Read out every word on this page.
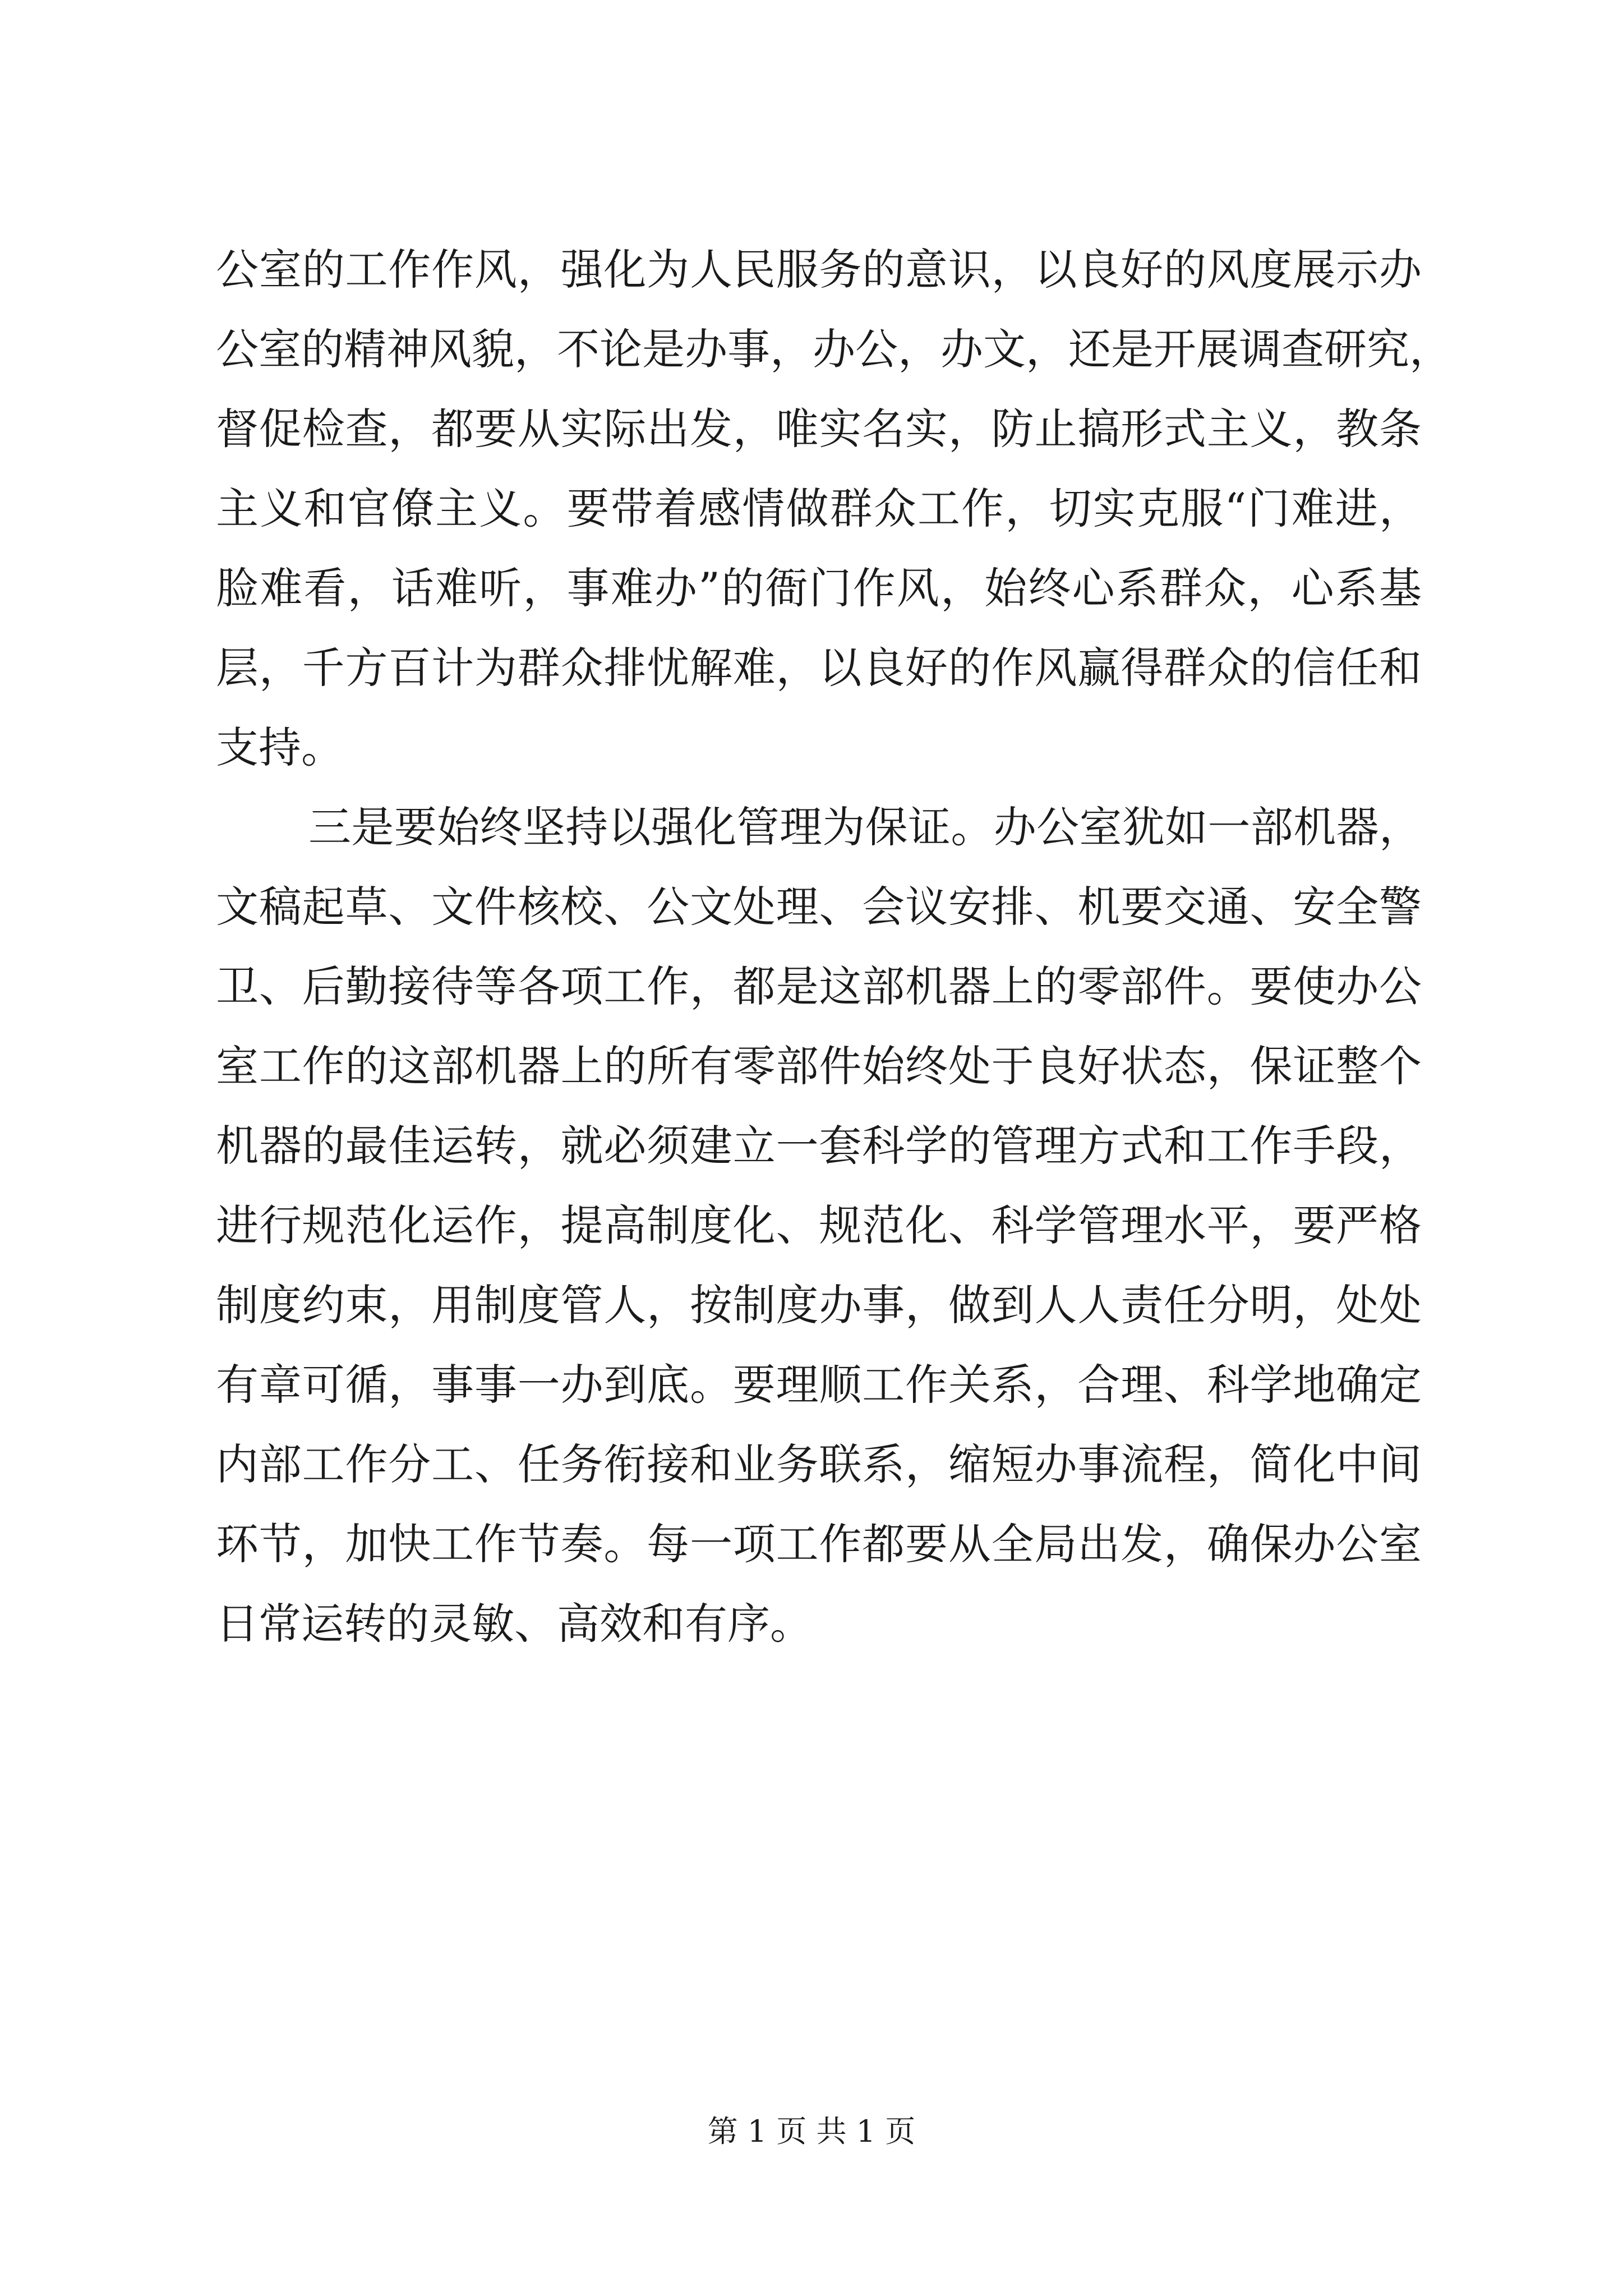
公室的工作作风，强化为人民服务的意识，以良好的风度展示办
公室的精神风貌，不论是办事，办公，办文，还是开展调查研究，
督促检查，都要从实际出发，唯实名实，防止搞形式主义，教条
主义和官僚主义。要带着感情做群众工作，切实克服“门难进，
脸难看，话难听，事难办”的衙门作风，始终心系群众，心系基
层，千方百计为群众排忧解难，以良好的作风赢得群众的信任和
支持。
三是要始终坚持以强化管理为保证。办公室犹如一部机器，
文稿起草、文件核校、公文处理、会议安排、机要交通、安全警
卫、后勤接待等各项工作，都是这部机器上的零部件。要使办公
室工作的这部机器上的所有零部件始终处于良好状态，保证整个
机器的最佳运转，就必须建立一套科学的管理方式和工作手段，
进行规范化运作，提高制度化、规范化、科学管理水平，要严格
制度约束，用制度管人，按制度办事，做到人人责任分明，处处
有章可循，事事一办到底。要理顺工作关系，合理、科学地确定
内部工作分工、任务衔接和业务联系，缩短办事流程，简化中间
环节，加快工作节奏。每一项工作都要从全局出发，确保办公室
日常运转的灵敏、高效和有序。
第 1 页 共 1 页
